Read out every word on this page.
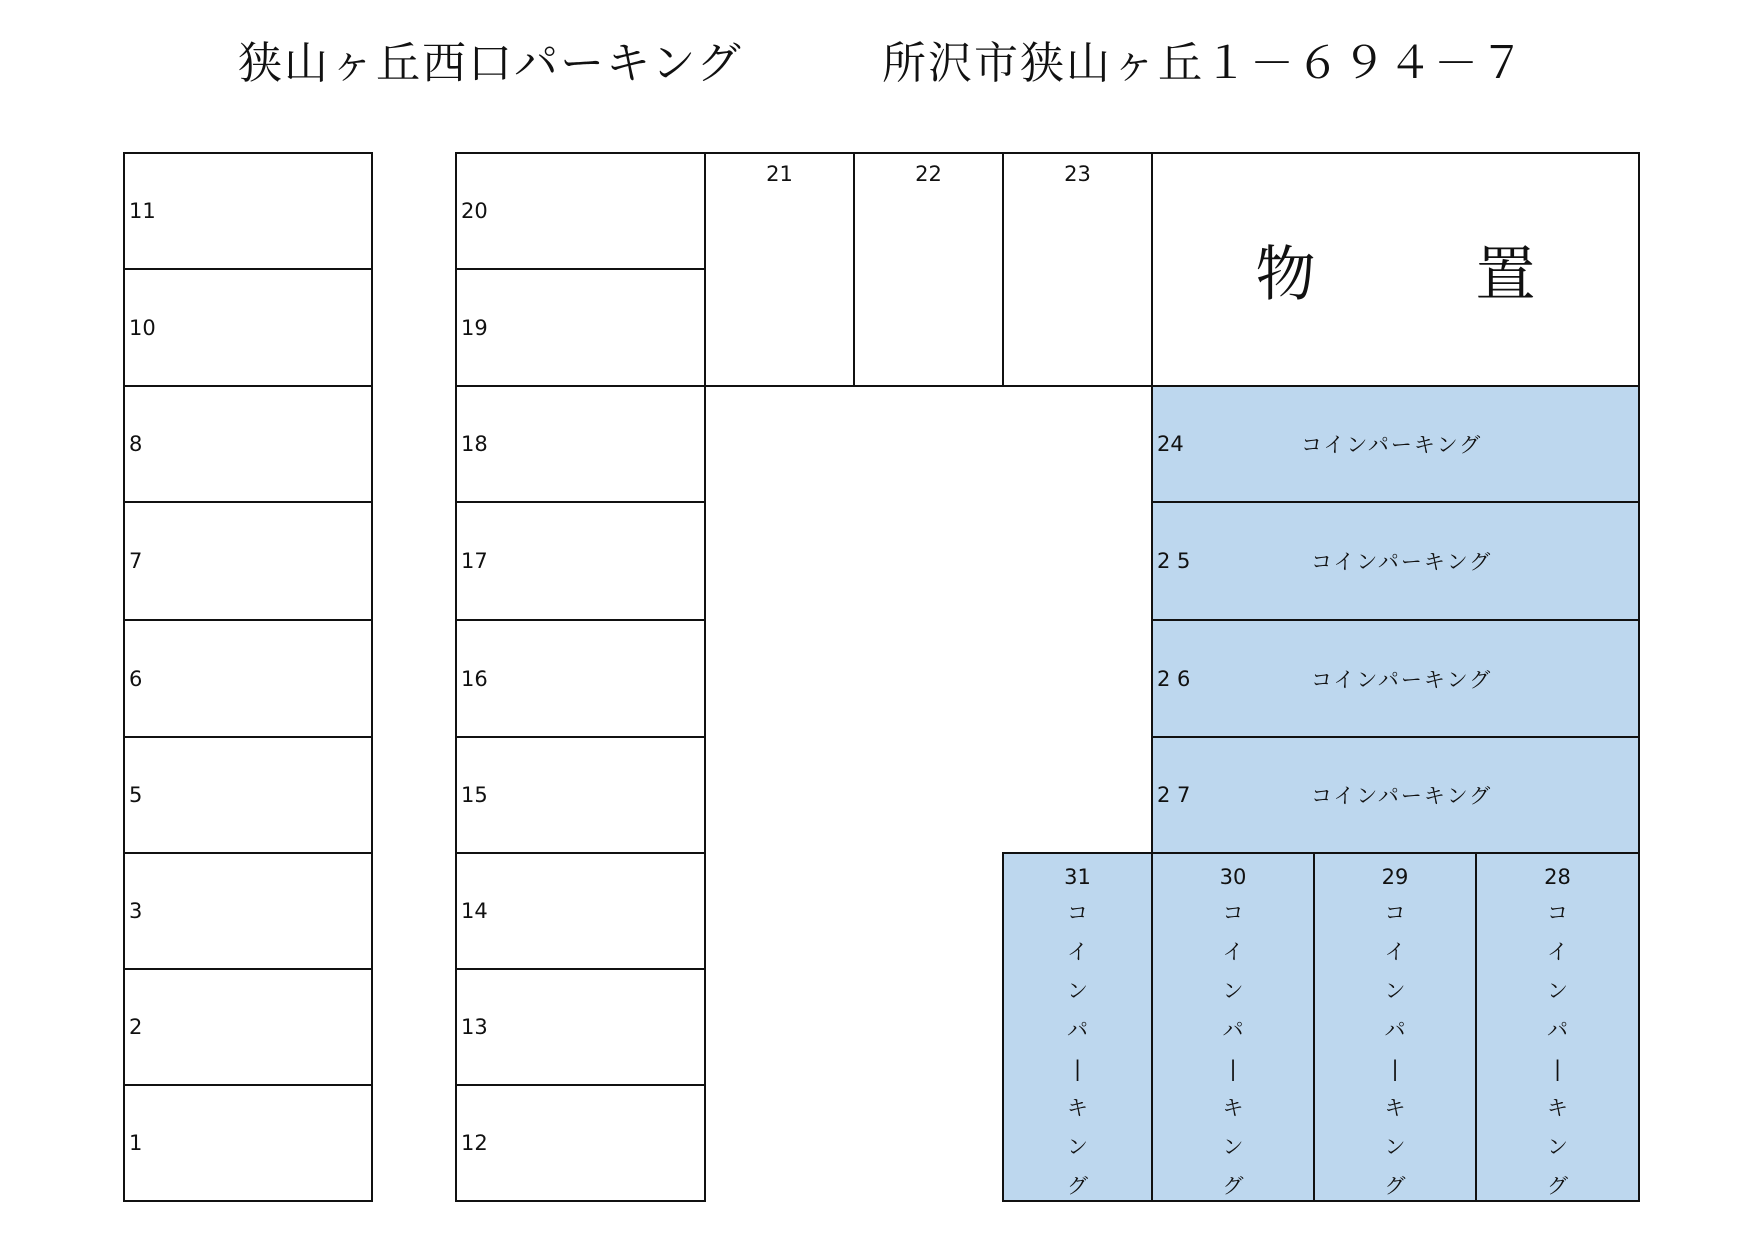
狭山ヶ丘西口パーキング	所沢市狭山ヶ丘１－６９４－７
11
10
8
7
6
5
3
2
1
20
19
18
17
16
15
14
13
12
21	22	23
物　置
24	コインパーキング
2 5	コインパーキング
2 6	コインパーキング
2 7	コインパーキング
31
コ
イ
ン
パ
|
キ
ン
グ
30
コ
イ
ン
パ
|
キ
ン
グ
29
コ
イ
ン
パ
|
キ
ン
グ
28
コ
イ
ン
パ
|
キ
ン
グ
